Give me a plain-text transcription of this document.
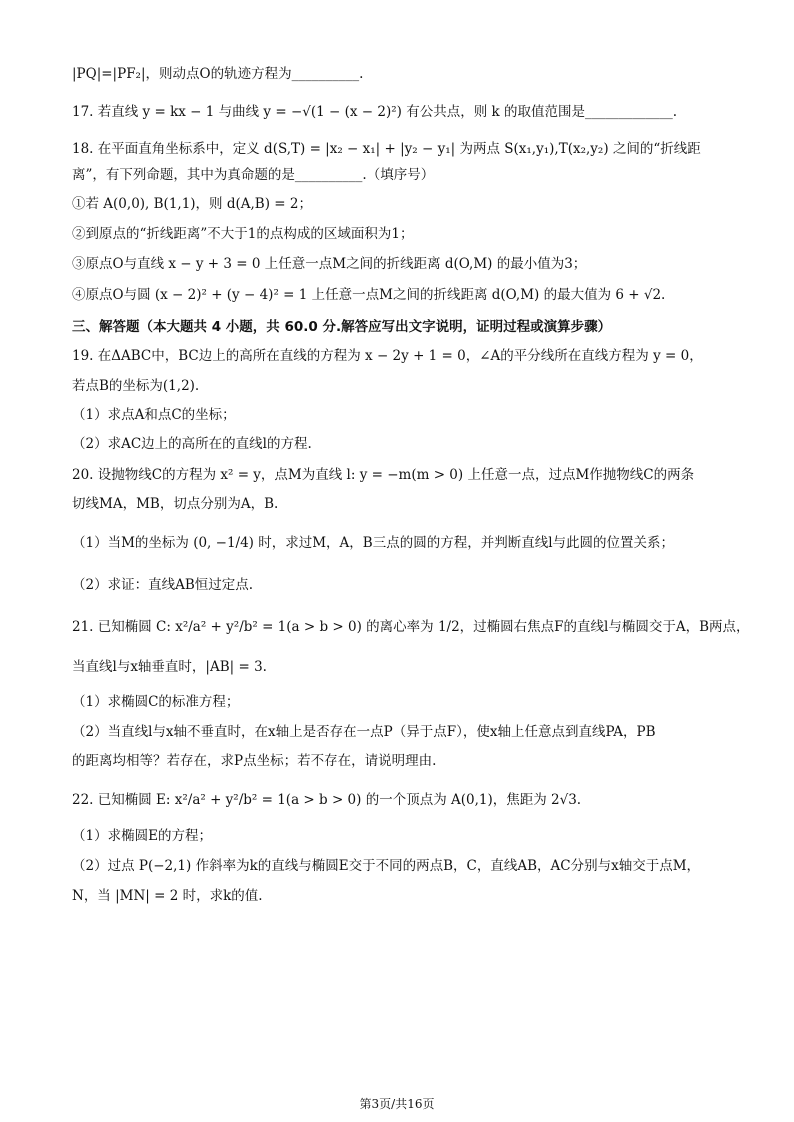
|PQ|=|PF₂|，则动点O的轨迹方程为__________.
17. 若直线 y = kx − 1 与曲线 y = −√(1 − (x − 2)²) 有公共点，则 k 的取值范围是_____________.
18. 在平面直角坐标系中，定义 d(S,T) = |x₂ − x₁| + |y₂ − y₁| 为两点 S(x₁,y₁),T(x₂,y₂) 之间的“折线距
离”，有下列命题，其中为真命题的是__________.（填序号）
①若 A(0,0), B(1,1)，则 d(A,B) = 2；
②到原点的“折线距离”不大于1的点构成的区域面积为1；
③原点O与直线 x − y + 3 = 0 上任意一点M之间的折线距离 d(O,M) 的最小值为3；
④原点O与圆 (x − 2)² + (y − 4)² = 1 上任意一点M之间的折线距离 d(O,M) 的最大值为 6 + √2.
三、解答题（本大题共 4 小题，共 60.0 分.解答应写出文字说明，证明过程或演算步骤）
19. 在ΔABC中，BC边上的高所在直线的方程为 x − 2y + 1 = 0，∠A的平分线所在直线方程为 y = 0，
若点B的坐标为(1,2).
（1）求点A和点C的坐标；
（2）求AC边上的高所在的直线l的方程.
20. 设抛物线C的方程为 x² = y，点M为直线 l: y = −m(m > 0) 上任意一点，过点M作抛物线C的两条
切线MA，MB，切点分别为A，B.
（1）当M的坐标为 (0, −1/4) 时，求过M，A，B三点的圆的方程，并判断直线l与此圆的位置关系；
（2）求证：直线AB恒过定点.
21. 已知椭圆 C: x²/a² + y²/b² = 1(a > b > 0) 的离心率为 1/2，过椭圆右焦点F的直线l与椭圆交于A，B两点，
当直线l与x轴垂直时，|AB| = 3.
（1）求椭圆C的标准方程；
（2）当直线l与x轴不垂直时，在x轴上是否存在一点P（异于点F），使x轴上任意点到直线PA，PB
的距离均相等？若存在，求P点坐标；若不存在，请说明理由.
22. 已知椭圆 E: x²/a² + y²/b² = 1(a > b > 0) 的一个顶点为 A(0,1)，焦距为 2√3.
（1）求椭圆E的方程；
（2）过点 P(−2,1) 作斜率为k的直线与椭圆E交于不同的两点B，C，直线AB，AC分别与x轴交于点M，
N，当 |MN| = 2 时，求k的值.
第3页/共16页
